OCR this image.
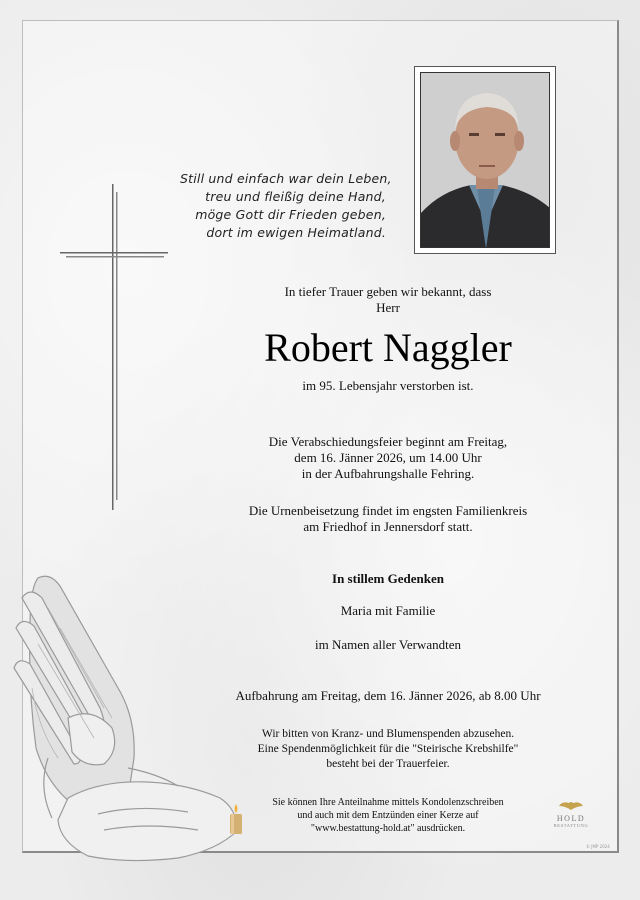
Still und einfach war dein Leben,
treu und fleißig deine Hand,
möge Gott dir Frieden geben,
dort im ewigen Heimatland.
In tiefer Trauer geben wir bekannt, dass
Herr
Robert Naggler
im 95. Lebensjahr verstorben ist.
Die Verabschiedungsfeier beginnt am Freitag,
dem 16. Jänner 2026, um 14.00 Uhr
in der Aufbahrungshalle Fehring.
Die Urnenbeisetzung findet im engsten Familienkreis
am Friedhof in Jennersdorf statt.
In stillem Gedenken
Maria mit Familie
im Namen aller Verwandten
Aufbahrung am Freitag, dem 16. Jänner 2026, ab 8.00 Uhr
Wir bitten von Kranz- und Blumenspenden abzusehen.
Eine Spendenmöglichkeit für die "Steirische Krebshilfe"
besteht bei der Trauerfeier.
Sie können Ihre Anteilnahme mittels Kondolenzschreiben
und auch mit dem Entzünden einer Kerze auf
"www.bestattung-hold.at" ausdrücken.
HOLD
BESTATTUNG
© JMP 2024
